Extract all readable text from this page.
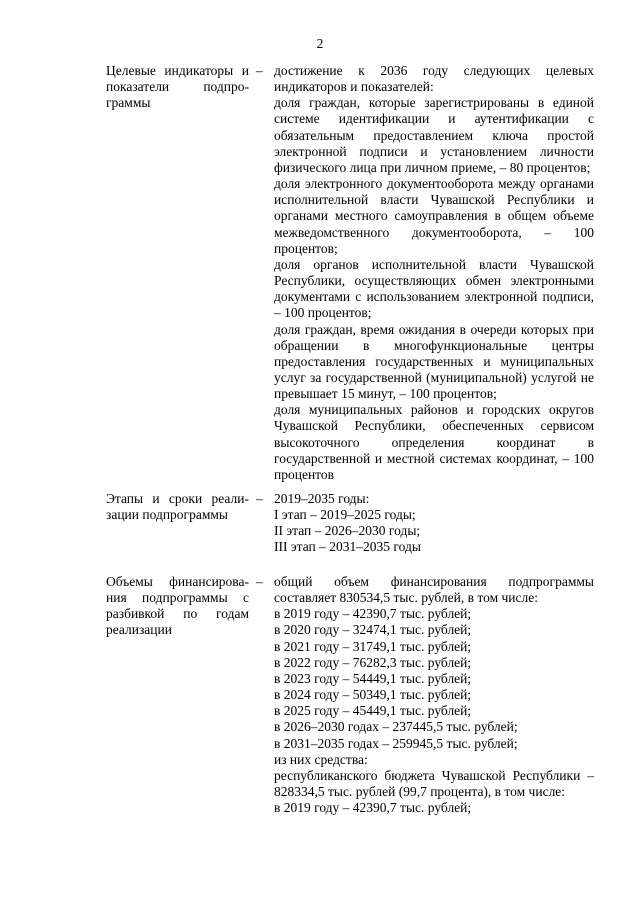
2
Целевые индикаторы и
показатели подпро-
граммы
– достижение к 2036 году следующих целевых индикаторов и показателей:
доля граждан, которые зарегистрированы в единой системе идентификации и аутентификации с обязательным предоставлением ключа простой электронной подписи и установлением личности физического лица при личном приеме, – 80 процентов;
доля электронного документооборота между органами исполнительной власти Чувашской Республики и органами местного самоуправления в общем объеме межведомственного документооборота, – 100 процентов;
доля органов исполнительной власти Чувашской Республики, осуществляющих обмен электронными документами с использованием электронной подписи, – 100 процентов;
доля граждан, время ожидания в очереди которых при обращении в многофункциональные центры предоставления государственных и муниципальных услуг за государственной (муниципальной) услугой не превышает 15 минут, – 100 процентов;
доля муниципальных районов и городских округов Чувашской Республики, обеспеченных сервисом высокоточного определения координат в государственной и местной системах координат, – 100 процентов
Этапы и сроки реали-
зации подпрограммы
– 2019–2035 годы:
I этап – 2019–2025 годы;
II этап – 2026–2030 годы;
III этап – 2031–2035 годы
Объемы финансирова-
ния подпрограммы с
разбивкой по годам
реализации
– общий объем финансирования подпрограммы составляет 830534,5 тыс. рублей, в том числе:
в 2019 году – 42390,7 тыс. рублей;
в 2020 году – 32474,1 тыс. рублей;
в 2021 году – 31749,1 тыс. рублей;
в 2022 году – 76282,3 тыс. рублей;
в 2023 году – 54449,1 тыс. рублей;
в 2024 году – 50349,1 тыс. рублей;
в 2025 году – 45449,1 тыс. рублей;
в 2026–2030 годах – 237445,5 тыс. рублей;
в 2031–2035 годах – 259945,5 тыс. рублей;
из них средства:
республиканского бюджета Чувашской Республики – 828334,5 тыс. рублей (99,7 процента), в том числе:
в 2019 году – 42390,7 тыс. рублей;
